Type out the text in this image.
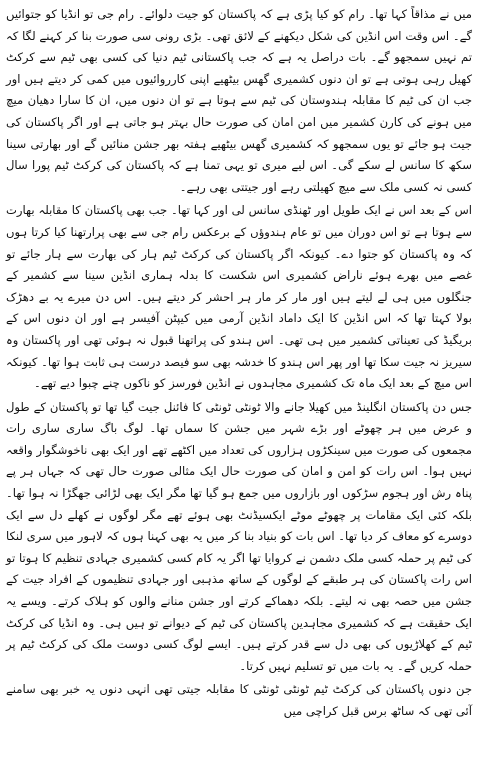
میں نے مذاقاً کہا تھا۔ رام کو کیا پڑی ہے کہ پاکستان کو جیت دلوائے۔ رام جی تو انڈیا کو جتوائیں گے۔ اس وقت اس انڈین کی شکل دیکھنے کے لائق تھی۔ بڑی رونی سی صورت بنا کر کہنے لگا کہ تم نہیں سمجھو گے۔ بات دراصل یہ ہے کہ جب پاکستانی ٹیم دنیا کی کسی بھی ٹیم سے کرکٹ کھیل رہی ہوتی ہے تو ان دنوں کشمیری گھس بیٹھیے اپنی کارروائیوں میں کمی کر دیتے ہیں اور جب ان کی ٹیم کا مقابلہ ہندوستان کی ٹیم سے ہوتا ہے تو ان دنوں میں، ان کا سارا دھیان میچ میں ہونے کی کارن کشمیر میں امن امان کی صورت حال بہتر ہو جاتی ہے اور اگر پاکستان کی جیت ہو جائے تو یوں سمجھو کہ کشمیری گھس بیٹھیے ہفتہ بھر جشن منائیں گے اور بھارتی سینا سکھ کا سانس لے سکے گی۔ اس لیے میری تو یہی تمنا ہے کہ پاکستان کی کرکٹ ٹیم پورا سال کسی نہ کسی ملک سے میچ کھیلتی رہے اور جیتتی بھی رہے۔

اس کے بعد اس نے ایک طویل اور ٹھنڈی سانس لی اور کہا تھا۔ جب بھی پاکستان کا مقابلہ بھارت سے ہوتا ہے تو اس دوران میں تو عام ہندوؤں کے برعکس رام جی سے بھی پرارتھنا کیا کرتا ہوں کہ وہ پاکستان کو جتوا دے۔ کیونکہ اگر پاکستان کی کرکٹ ٹیم ہار کی بھارت سے ہار جائے تو غصے میں بھرے ہوئے ناراض کشمیری اس شکست کا بدلہ ہماری انڈین سینا سے کشمیر کے جنگلوں میں ہی لے لیتے ہیں اور مار کر مار ہر احشر کر دیتے ہیں۔ اس دن میرے یہ بے دھڑک بولا کہتا تھا کہ اس انڈین کا ایک داماد انڈین آرمی میں کیپٹن آفیسر ہے اور ان دنوں اس کے بریگیڈ کی تعیناتی کشمیر میں ہی تھی۔ اس ہندو کی پراتھنا قبول نہ ہوئی تھی اور پاکستان وہ سیریز نہ جیت سکا تھا اور پھر اس ہندو کا خدشہ بھی سو فیصد درست ہی ثابت ہوا تھا۔ کیونکہ اس میچ کے بعد ایک ماہ تک کشمیری مجاہدوں نے انڈین فورسز کو ناکوں چنے چبوا دیے تھے۔

جس دن پاکستان انگلینڈ میں کھیلا جانے والا ٹونٹی ٹونٹی کا فائنل جیت گیا تھا تو پاکستان کے طول و عرض میں ہر چھوٹے اور بڑے شہر میں جشن کا سماں تھا۔ لوگ باگ ساری ساری رات مجمعوں کی صورت میں سینکڑوں ہزاروں کی تعداد میں اکٹھے تھے اور ایک بھی ناخوشگوار واقعہ نہیں ہوا۔ اس رات کو امن و امان کی صورت حال ایک مثالی صورت حال تھی کہ جہاں ہر پے پناہ رش اور ہجوم سڑکوں اور بازاروں میں جمع ہو گیا تھا مگر ایک بھی لڑائی جھگڑا نہ ہوا تھا۔ بلکہ کئی ایک مقامات پر چھوٹے موٹے ایکسیڈنٹ بھی ہوئے تھے مگر لوگوں نے کھلے دل سے ایک دوسرے کو معاف کر دیا تھا۔ اس بات کو بنیاد بنا کر میں یہ بھی کہنا ہوں کہ لاہور میں سری لنکا کی ٹیم پر حملہ کسی ملک دشمن نے کروایا تھا اگر یہ کام کسی کشمیری جہادی تنظیم کا ہوتا تو اس رات پاکستان کی ہر طبقے کے لوگوں کے ساتھ مذہبی اور جہادی تنظیموں کے افراد جیت کے جشن میں حصہ بھی نہ لیتے۔ بلکہ دھماکے کرتے اور جشن منانے والوں کو ہلاک کرتے۔ ویسے یہ ایک حقیقت ہے کہ کشمیری مجاہدین پاکستان کی ٹیم کے دیوانے تو ہیں ہی۔ وہ انڈیا کی کرکٹ ٹیم کے کھلاڑیوں کی بھی دل سے قدر کرتے ہیں۔ ایسے لوگ کسی دوست ملک کی کرکٹ ٹیم پر حملہ کریں گے۔ یہ بات میں تو تسلیم نہیں کرتا۔

جن دنوں پاکستان کی کرکٹ ٹیم ٹونٹی ٹونٹی کا مقابلہ جیتی تھی انہی دنوں یہ خبر بھی سامنے آئی تھی کہ ساٹھ برس قبل کراچی میں
